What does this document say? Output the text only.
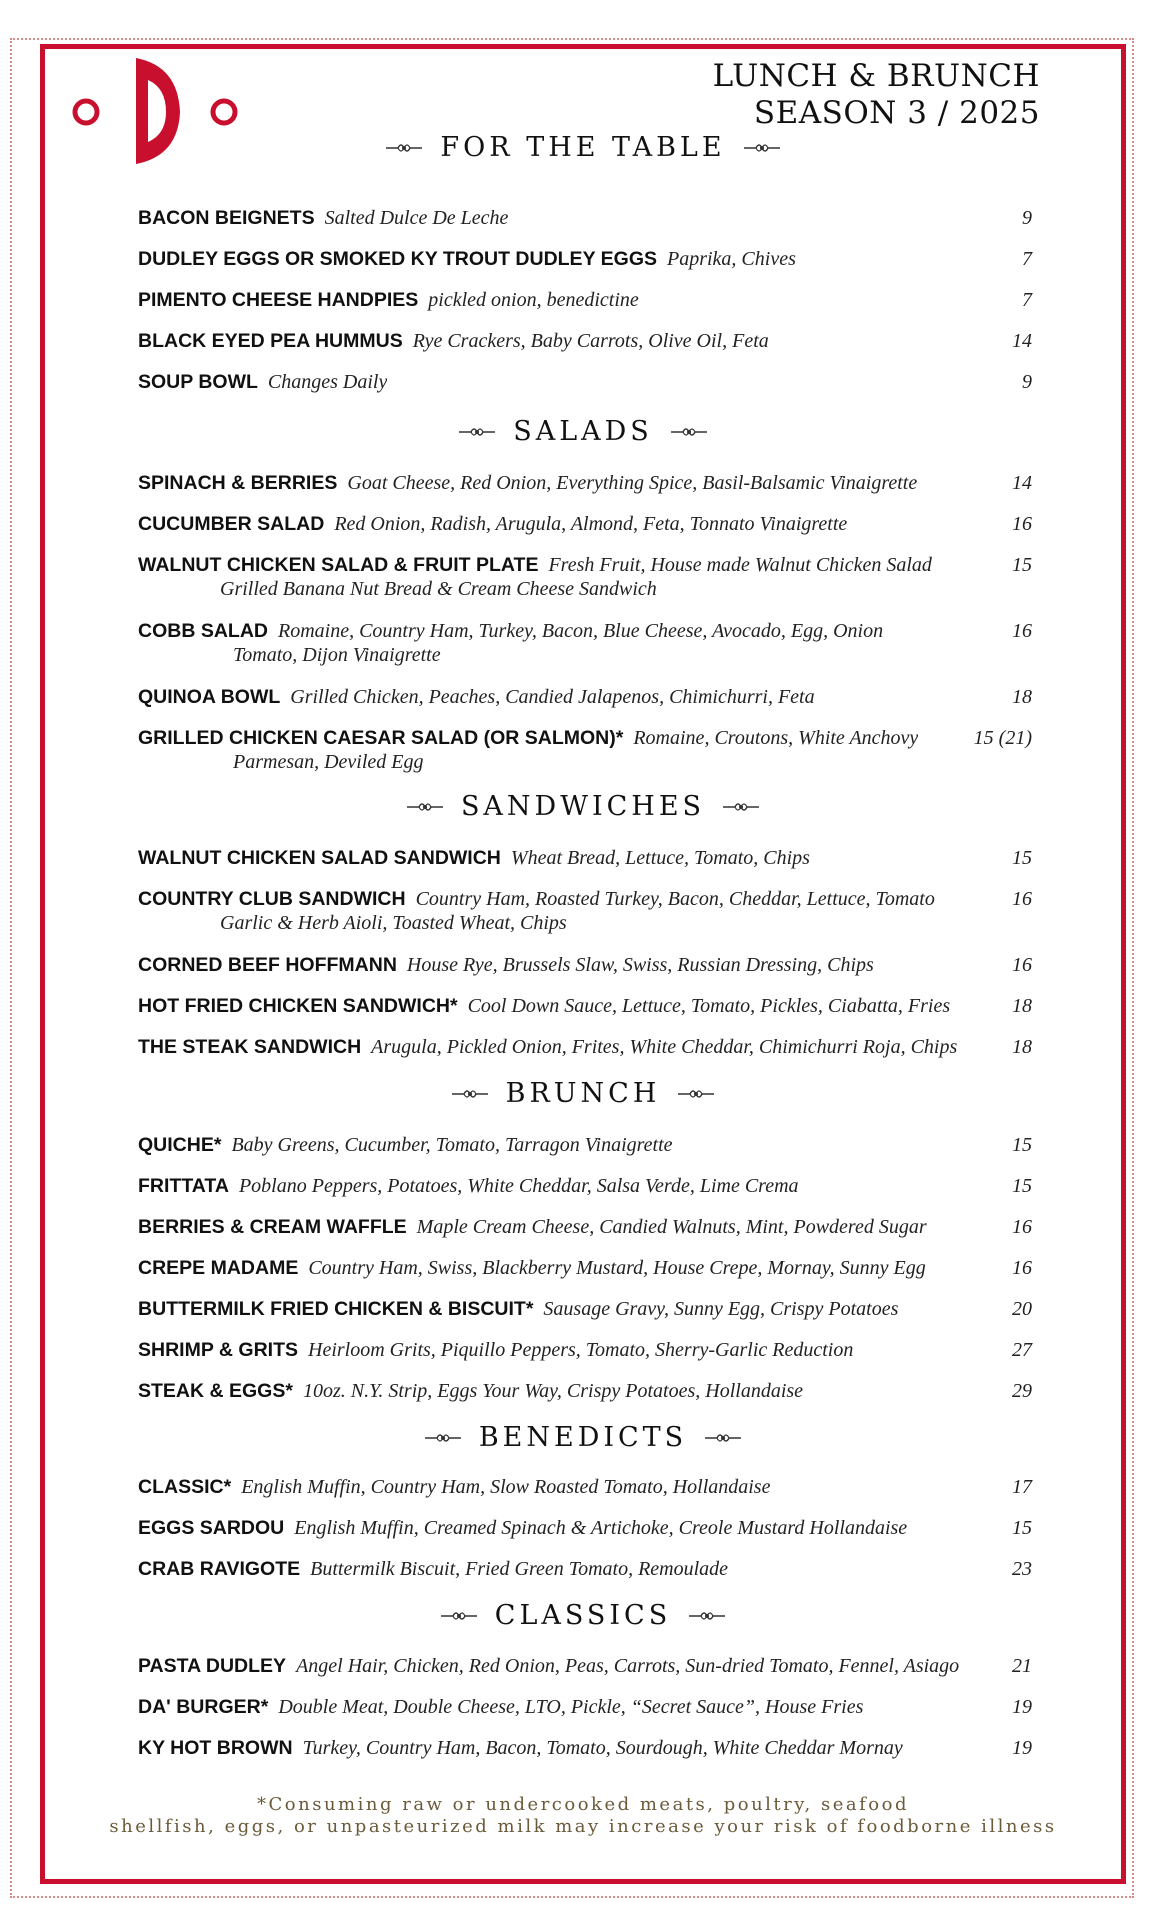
LUNCH & BRUNCH
SEASON 3 / 2025
FOR THE TABLE
BACON BEIGNETS Salted Dulce De Leche	9
DUDLEY EGGS OR SMOKED KY TROUT DUDLEY EGGS Paprika, Chives	7
PIMENTO CHEESE HANDPIES pickled onion, benedictine	7
BLACK EYED PEA HUMMUS Rye Crackers, Baby Carrots, Olive Oil, Feta	14
SOUP BOWL Changes Daily	9
SALADS
SPINACH & BERRIES Goat Cheese, Red Onion, Everything Spice, Basil-Balsamic Vinaigrette	14
CUCUMBER SALAD Red Onion, Radish, Arugula, Almond, Feta, Tonnato Vinaigrette	16
WALNUT CHICKEN SALAD & FRUIT PLATE Fresh Fruit, House made Walnut Chicken Salad	15
Grilled Banana Nut Bread & Cream Cheese Sandwich
COBB SALAD Romaine, Country Ham, Turkey, Bacon, Blue Cheese, Avocado, Egg, Onion	16
Tomato, Dijon Vinaigrette
QUINOA BOWL Grilled Chicken, Peaches, Candied Jalapenos, Chimichurri, Feta	18
GRILLED CHICKEN CAESAR SALAD (OR SALMON)* Romaine, Croutons, White Anchovy	15 (21)
Parmesan, Deviled Egg
SANDWICHES
WALNUT CHICKEN SALAD SANDWICH Wheat Bread, Lettuce, Tomato, Chips	15
COUNTRY CLUB SANDWICH Country Ham, Roasted Turkey, Bacon, Cheddar, Lettuce, Tomato	16
Garlic & Herb Aioli, Toasted Wheat, Chips
CORNED BEEF HOFFMANN House Rye, Brussels Slaw, Swiss, Russian Dressing, Chips	16
HOT FRIED CHICKEN SANDWICH* Cool Down Sauce, Lettuce, Tomato, Pickles, Ciabatta, Fries	18
THE STEAK SANDWICH Arugula, Pickled Onion, Frites, White Cheddar, Chimichurri Roja, Chips	18
BRUNCH
QUICHE* Baby Greens, Cucumber, Tomato, Tarragon Vinaigrette	15
FRITTATA Poblano Peppers, Potatoes, White Cheddar, Salsa Verde, Lime Crema	15
BERRIES & CREAM WAFFLE Maple Cream Cheese, Candied Walnuts, Mint, Powdered Sugar	16
CREPE MADAME Country Ham, Swiss, Blackberry Mustard, House Crepe, Mornay, Sunny Egg	16
BUTTERMILK FRIED CHICKEN & BISCUIT* Sausage Gravy, Sunny Egg, Crispy Potatoes	20
SHRIMP & GRITS Heirloom Grits, Piquillo Peppers, Tomato, Sherry-Garlic Reduction	27
STEAK & EGGS* 10oz. N.Y. Strip, Eggs Your Way, Crispy Potatoes, Hollandaise	29
BENEDICTS
CLASSIC* English Muffin, Country Ham, Slow Roasted Tomato, Hollandaise	17
EGGS SARDOU English Muffin, Creamed Spinach & Artichoke, Creole Mustard Hollandaise	15
CRAB RAVIGOTE Buttermilk Biscuit, Fried Green Tomato, Remoulade	23
CLASSICS
PASTA DUDLEY Angel Hair, Chicken, Red Onion, Peas, Carrots, Sun-dried Tomato, Fennel, Asiago	21
DA' BURGER* Double Meat, Double Cheese, LTO, Pickle, “Secret Sauce”, House Fries	19
KY HOT BROWN Turkey, Country Ham, Bacon, Tomato, Sourdough, White Cheddar Mornay	19
*Consuming raw or undercooked meats, poultry, seafood
shellfish, eggs, or unpasteurized milk may increase your risk of foodborne illness
